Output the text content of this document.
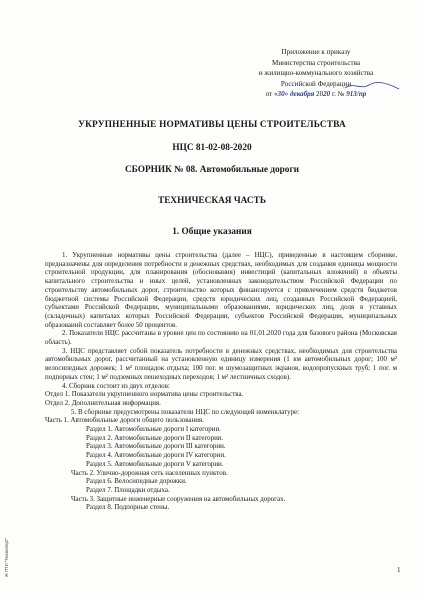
Приложение к приказу
Министерства строительства
и жилищно-коммунального хозяйства
Российской Федерации
от «30» декабря 2020 г. № 913/пр
УКРУПНЕННЫЕ НОРМАТИВЫ ЦЕНЫ СТРОИТЕЛЬСТВА
НЦС 81-02-08-2020
СБОРНИК № 08. Автомобильные дороги
ТЕХНИЧЕСКАЯ ЧАСТЬ
1. Общие указания

1. Укрупненные нормативы цены строительства (далее – НЦС), приведенные в настоящем сборнике, предназначены для определения потребности в денежных средствах, необходимых для создания единицы мощности строительной продукции, для планирования (обоснования) инвестиций (капитальных вложений) в объекты капитального строительства и иных целей, установленных законодательством Российской Федерации по строительству автомобильных дорог, строительство которых финансируется с привлечением средств бюджетов бюджетной системы Российской Федерации, средств юридических лиц, созданных Российской Федерацией, субъектами Российской Федерации, муниципальными образованиями, юридических лиц, доля в уставных (складочных) капиталах которых Российской Федерации, субъектов Российской Федерации, муниципальных образований составляет более 50 процентов.

2. Показатели НЦС рассчитаны в уровне цен по состоянию на 01.01.2020 года для базового района (Московская область).

3. НЦС представляет собой показатель потребности в денежных средствах, необходимых для строительства автомобильных дорог, рассчитанный на установленную единицу измерения (1 км автомобильных дорог; 100 м² велосипедных дорожек; 1 м² площадок отдыха; 100 пог. м шумозащитных экранов, водопропускных труб; 1 пог. м подпорных стен; 1 м² подземных пешеходных переходов; 1 м² лестничных сходов).

4. Сборник состоит из двух отделов:

Отдел 1. Показатели укрупненного норматива цены строительства.
Отдел 2. Дополнительная информация.
5. В сборнике предусмотрены показатели НЦС по следующей номенклатуре:
Часть 1. Автомобильные дороги общего пользования.
Раздел 1. Автомобильные дороги I категории.
Раздел 2. Автомобильные дороги II категории.
Раздел 3. Автомобильные дороги III категории.
Раздел 4. Автомобильные дороги IV категории.
Раздел 5. Автомобильные дороги V категории.
Часть 2. Улично-дорожная сеть населенных пунктов.
Раздел 6. Велосипедные дорожки.
Раздел 7. Площадки отдыха.
Часть 3. Защитные инженерные сооружения на автомобильных дорогах.
Раздел 8. Подпорные стены.
Ж ПТИ "Техэксперт"	1
